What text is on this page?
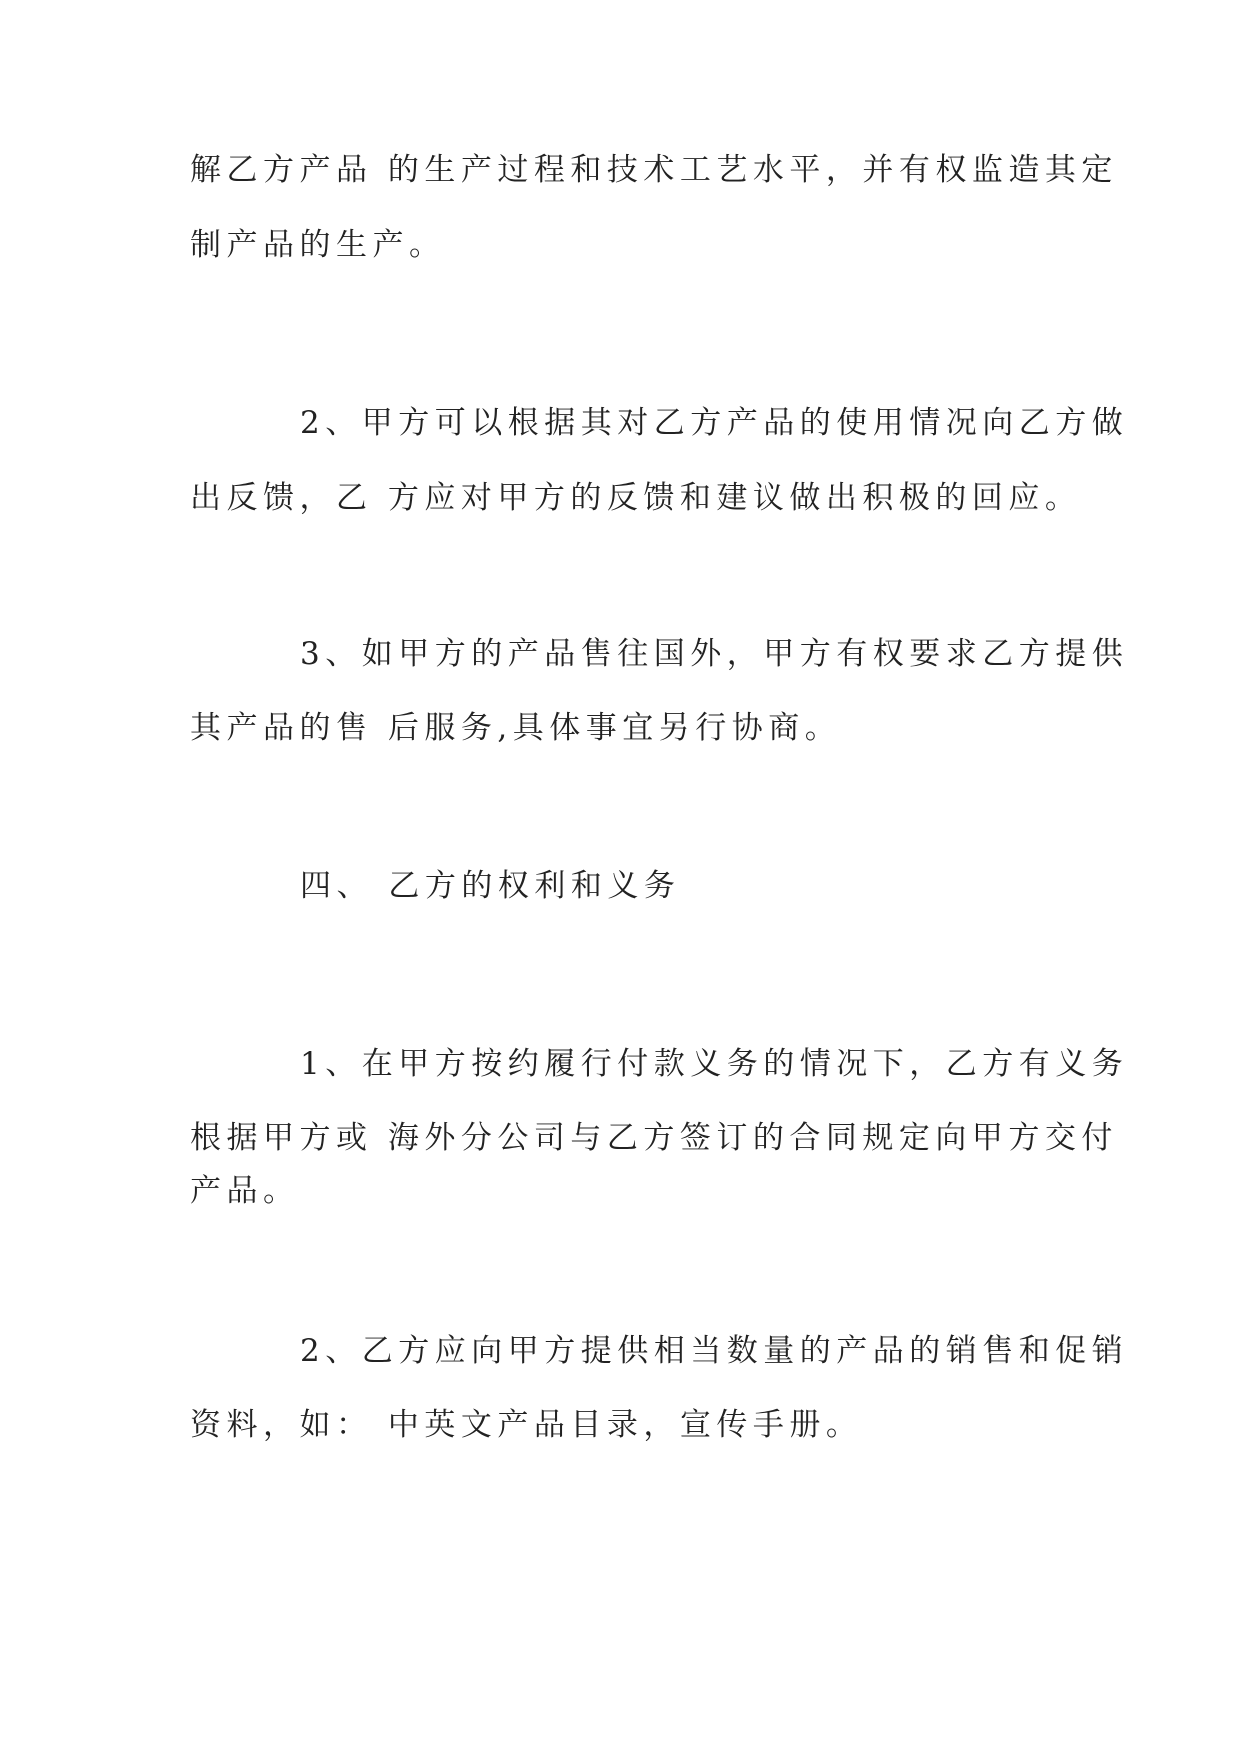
解乙方产品 的生产过程和技术工艺水平，并有权监造其定
制产品的生产。
2、甲方可以根据其对乙方产品的使用情况向乙方做
出反馈，乙 方应对甲方的反馈和建议做出积极的回应。
3、如甲方的产品售往国外，甲方有权要求乙方提供
其产品的售 后服务,具体事宜另行协商。
四、 乙方的权利和义务
1、在甲方按约履行付款义务的情况下，乙方有义务
根据甲方或 海外分公司与乙方签订的合同规定向甲方交付
产品。
2、乙方应向甲方提供相当数量的产品的销售和促销
资料，如： 中英文产品目录，宣传手册。
